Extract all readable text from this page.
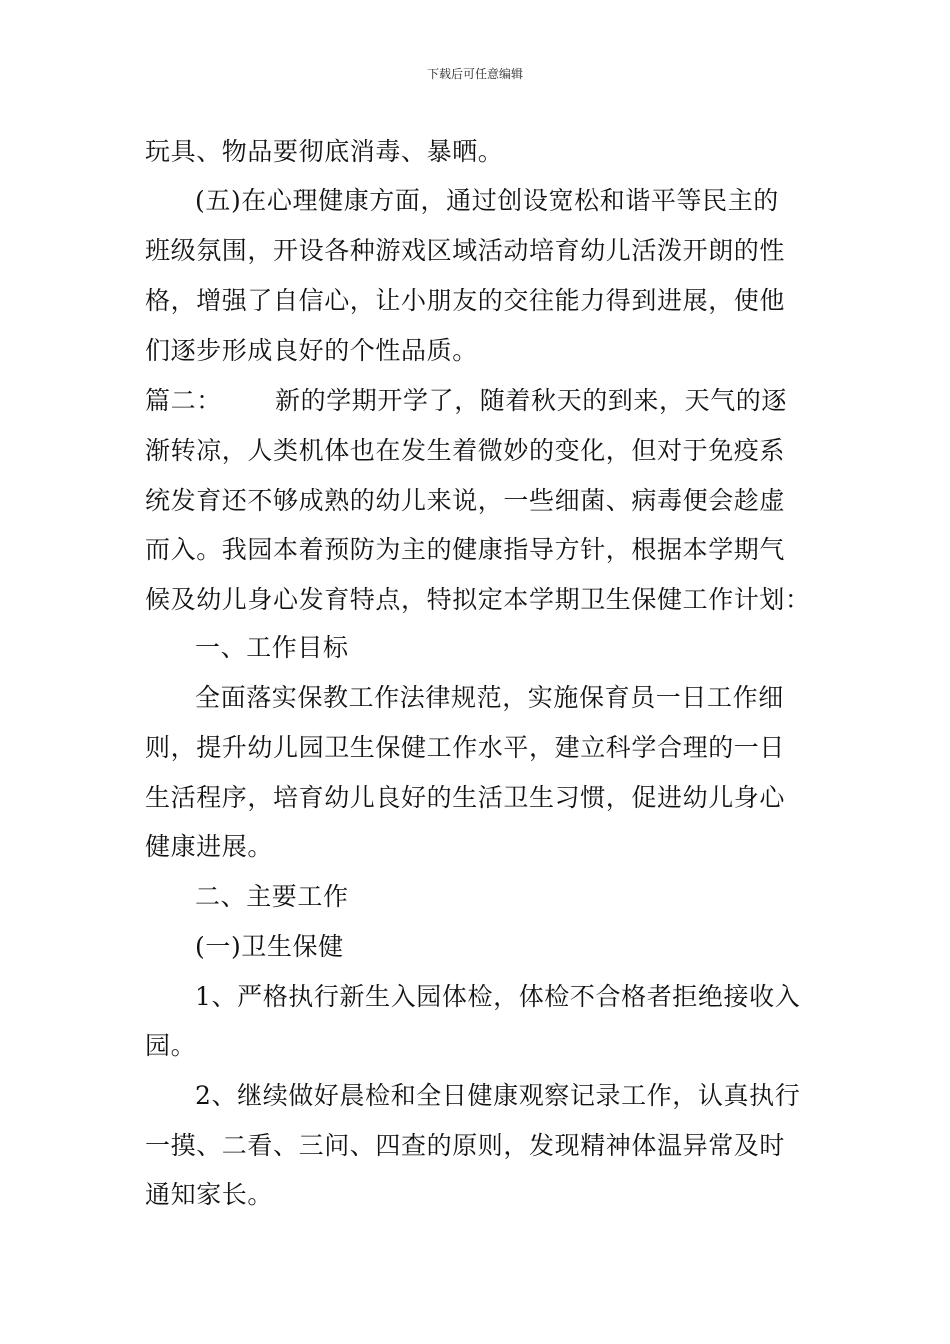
下载后可任意编辑
玩具、物品要彻底消毒、暴晒。
(五)在心理健康方面，通过创设宽松和谐平等民主的
班级氛围，开设各种游戏区域活动培育幼儿活泼开朗的性
格，增强了自信心，让小朋友的交往能力得到进展，使他
们逐步形成良好的个性品质。
篇二： 新的学期开学了，随着秋天的到来，天气的逐
渐转凉，人类机体也在发生着微妙的变化，但对于免疫系
统发育还不够成熟的幼儿来说，一些细菌、病毒便会趁虚
而入。我园本着预防为主的健康指导方针，根据本学期气
候及幼儿身心发育特点，特拟定本学期卫生保健工作计划：
一、工作目标
全面落实保教工作法律规范，实施保育员一日工作细
则，提升幼儿园卫生保健工作水平，建立科学合理的一日
生活程序，培育幼儿良好的生活卫生习惯，促进幼儿身心
健康进展。
二、主要工作
(一)卫生保健
1、严格执行新生入园体检，体检不合格者拒绝接收入
园。
2、继续做好晨检和全日健康观察记录工作，认真执行
一摸、二看、三问、四查的原则，发现精神体温异常及时
通知家长。
